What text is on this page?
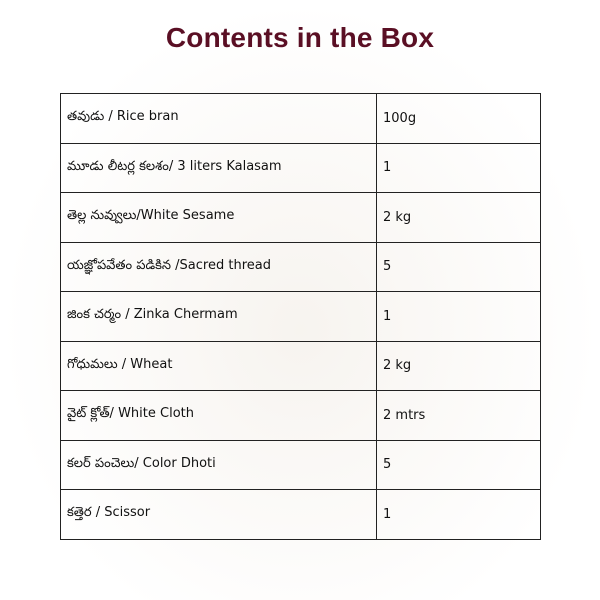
Contents in the Box
తవుడు / Rice bran	100g
మూడు లీటర్ల కలశం/ 3 liters Kalasam	1
తెల్ల నువ్వులు/White Sesame	2 kg
యజ్ఞోపవేతం పడికిన /Sacred thread	5
జింక చర్మం / Zinka Chermam	1
గోధుమలు / Wheat	2 kg
వైట్ క్లోత్/ White Cloth	2 mtrs
కలర్ పంచెలు/ Color Dhoti	5
కత్తెర / Scissor	1
